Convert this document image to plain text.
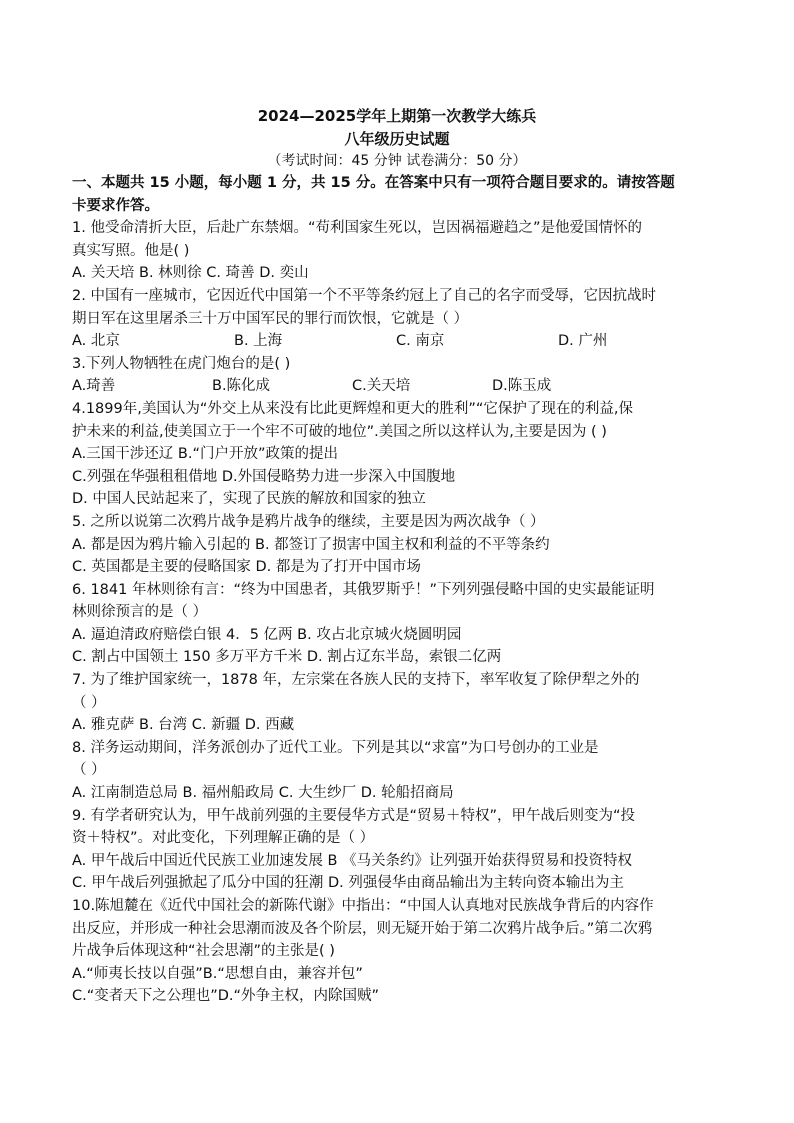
2024—2025学年上期第一次教学大练兵
八年级历史试题
（考试时间：45 分钟 试卷满分：50 分）
一、本题共 15 小题，每小题 1 分，共 15 分。在答案中只有一项符合题目要求的。请按答题
卡要求作答。
1. 他受命清折大臣，后赴广东禁烟。“苟利国家生死以，岂因祸福避趋之”是他爱国情怀的
真实写照。他是( )
A. 关天培 B. 林则徐 C. 琦善 D. 奕山
2. 中国有一座城市，它因近代中国第一个不平等条约冠上了自己的名字而受辱，它因抗战时
期日军在这里屠杀三十万中国军民的罪行而饮恨，它就是（ ）
A. 北京	B. 上海	C. 南京	D. 广州
3.下列人物牺牲在虎门炮台的是( )
A.琦善	B.陈化成	C.关天培	D.陈玉成
4.1899年,美国认为“外交上从来没有比此更辉煌和更大的胜利”“它保护了现在的利益,保
护未来的利益,使美国立于一个牢不可破的地位”.美国之所以这样认为,主要是因为 ( )
A.三国干涉还辽 B.“门户开放”政策的提出
C.列强在华强租租借地 D.外国侵略势力进一步深入中国腹地
D. 中国人民站起来了，实现了民族的解放和国家的独立
5. 之所以说第二次鸦片战争是鸦片战争的继续，主要是因为两次战争（ ）
A. 都是因为鸦片输入引起的 B. 都签订了损害中国主权和利益的不平等条约
C. 英国都是主要的侵略国家 D. 都是为了打开中国市场
6. 1841 年林则徐有言：“终为中国患者，其俄罗斯乎！”下列列强侵略中国的史实最能证明
林则徐预言的是（ ）
A. 逼迫清政府赔偿白银 4．5 亿两 B. 攻占北京城火烧圆明园
C. 割占中国领土 150 多万平方千米 D. 割占辽东半岛，索银二亿两
7. 为了维护国家统一，1878 年，左宗棠在各族人民的支持下，率军收复了除伊犁之外的
（ ）
A. 雅克萨 B. 台湾 C. 新疆 D. 西藏
8. 洋务运动期间，洋务派创办了近代工业。下列是其以“求富”为口号创办的工业是
（ ）
A. 江南制造总局 B. 福州船政局 C. 大生纱厂 D. 轮船招商局
9. 有学者研究认为，甲午战前列强的主要侵华方式是“贸易＋特权”，甲午战后则变为“投
资＋特权”。对此变化，下列理解正确的是（ ）
A. 甲午战后中国近代民族工业加速发展 B 《马关条约》让列强开始获得贸易和投资特权
C. 甲午战后列强掀起了瓜分中国的狂潮 D. 列强侵华由商品输出为主转向资本输出为主
10.陈旭麓在《近代中国社会的新陈代谢》中指出：“中国人认真地对民族战争背后的内容作
出反应，并形成一种社会思潮而波及各个阶层，则无疑开始于第二次鸦片战争后。”第二次鸦
片战争后体现这种“社会思潮”的主张是( )
A.“师夷长技以自强”B.“思想自由，兼容并包”
C.“变者天下之公理也”D.“外争主权，内除国贼”
